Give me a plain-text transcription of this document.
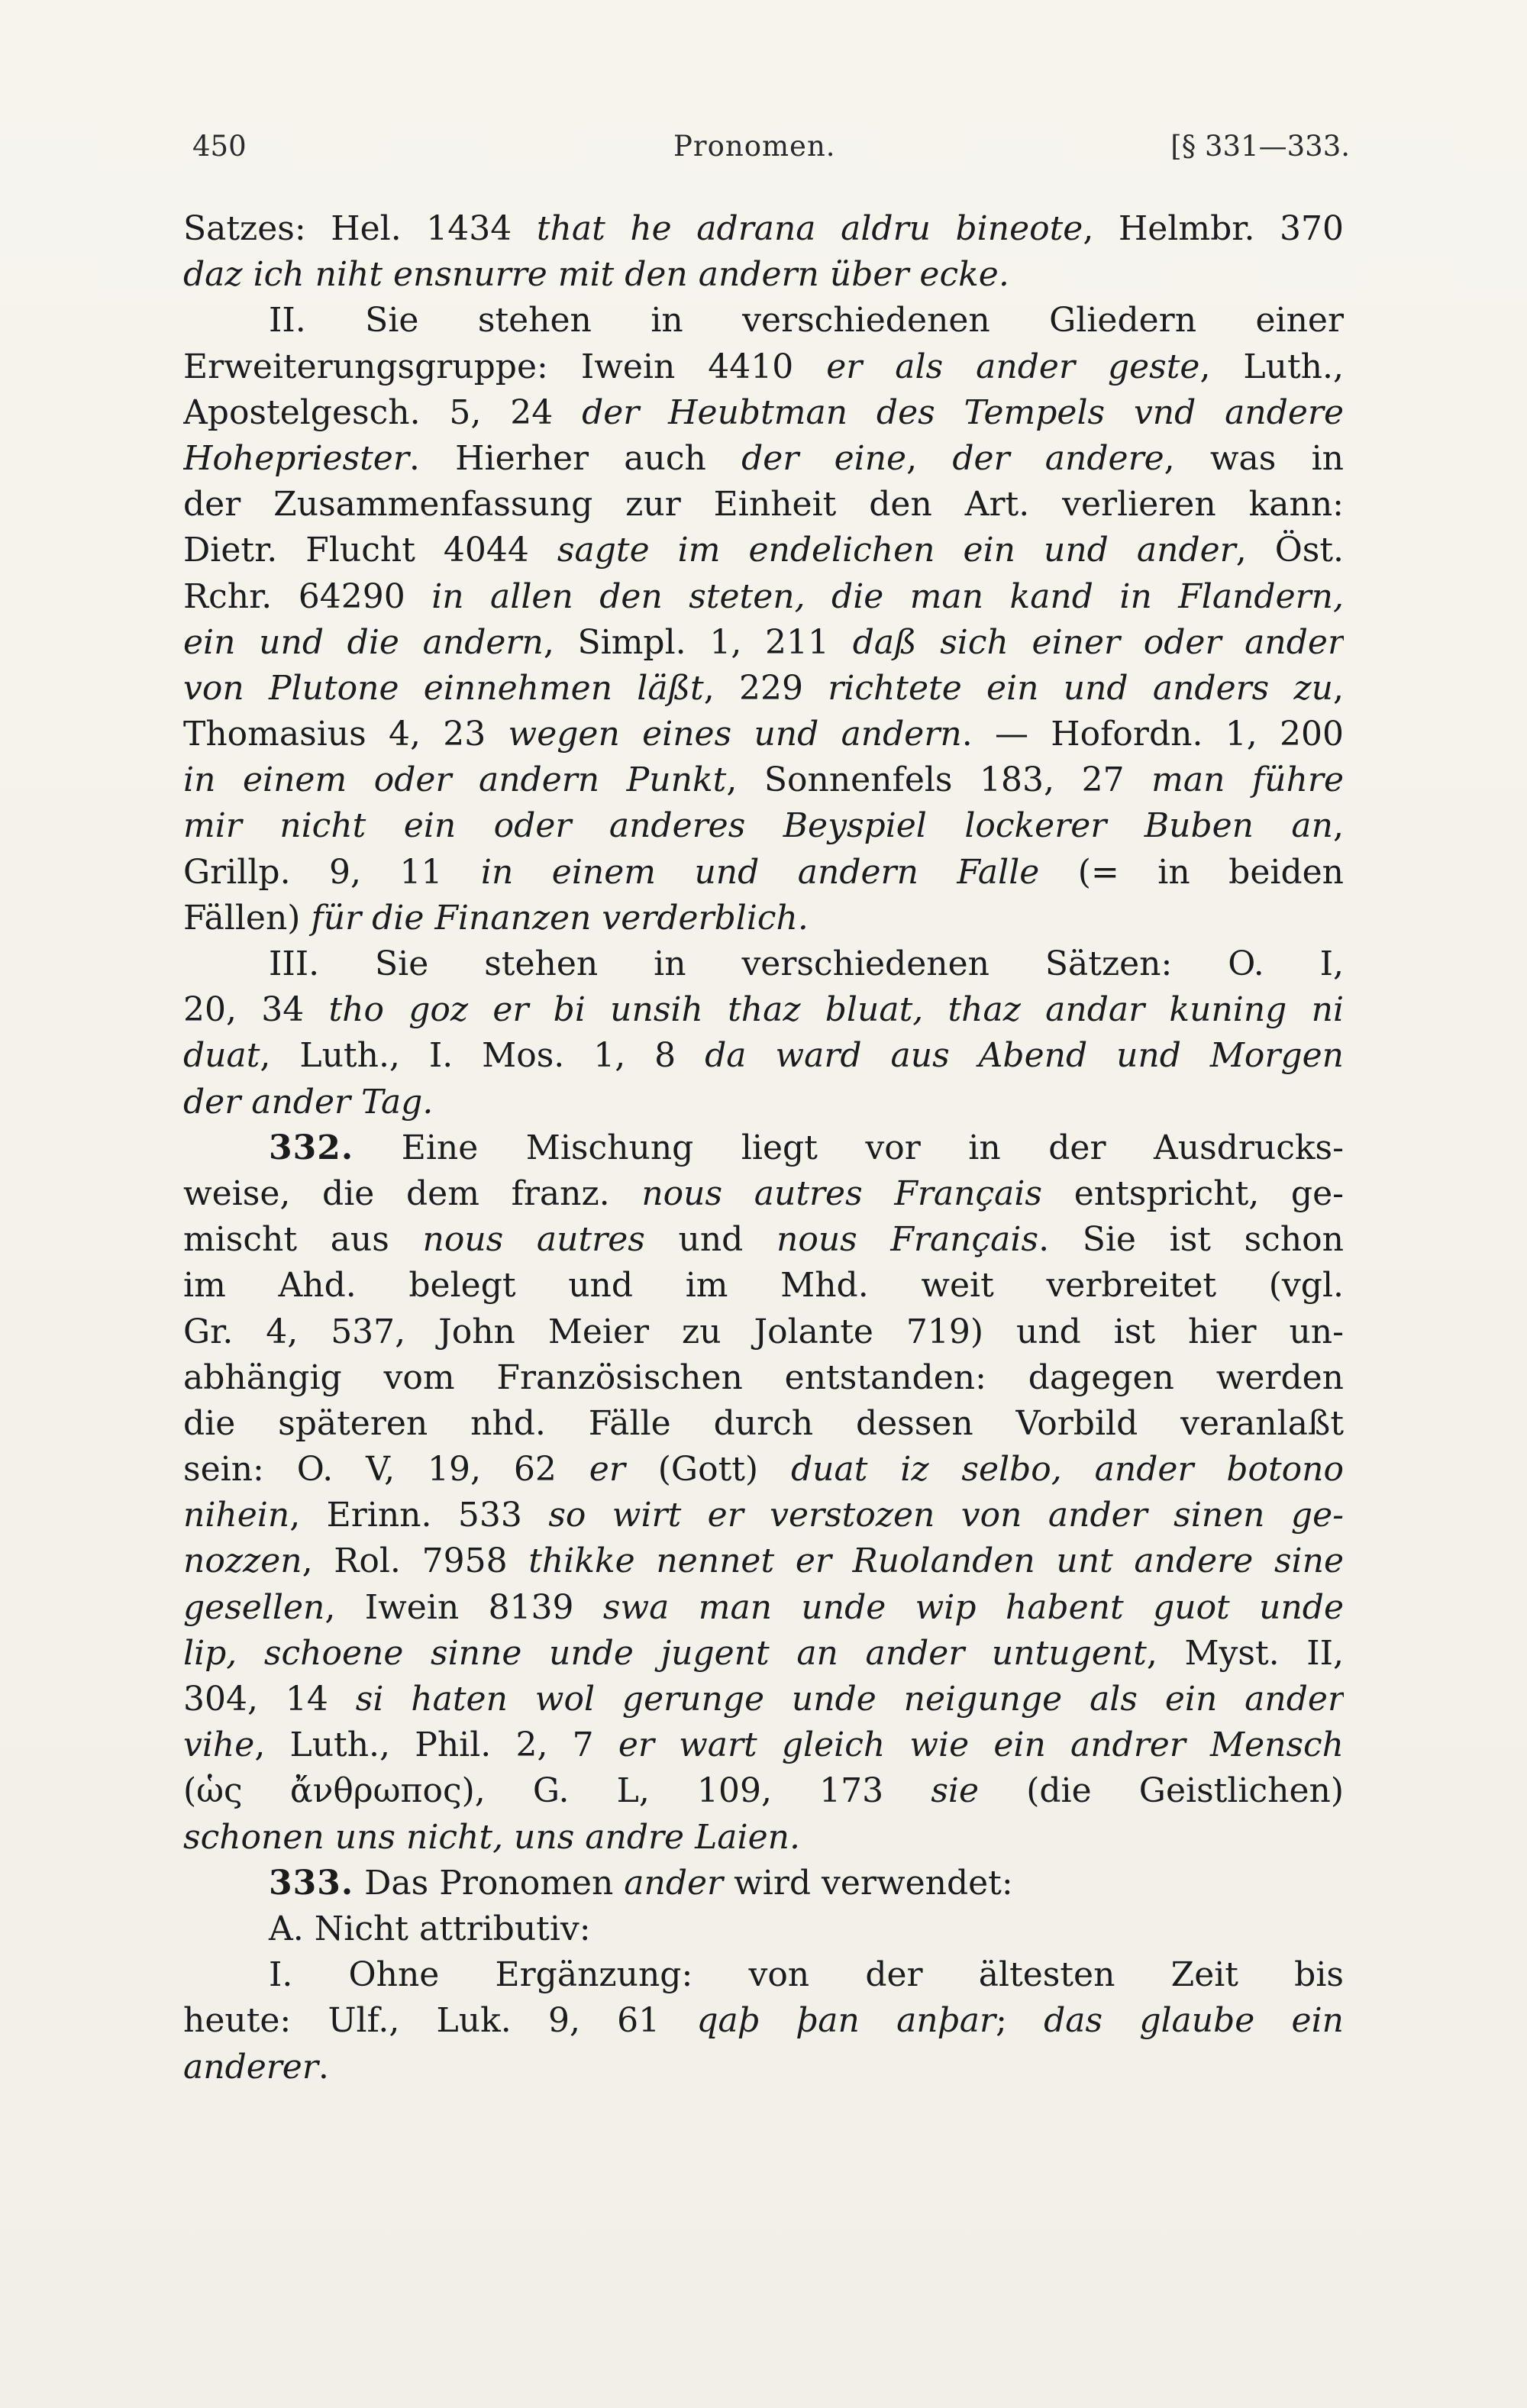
450	Pronomen.	[§ 331—333.
Satzes: Hel. 1434 that he adrana aldru bineote, Helmbr. 370
daz ich niht ensnurre mit den andern über ecke.
II. Sie stehen in verschiedenen Gliedern einer
Erweiterungsgruppe: Iwein 4410 er als ander geste, Luth.,
Apostelgesch. 5, 24 der Heubtman des Tempels vnd andere
Hohepriester. Hierher auch der eine, der andere, was in
der Zusammenfassung zur Einheit den Art. verlieren kann:
Dietr. Flucht 4044 sagte im endelichen ein und ander, Öst.
Rchr. 64290 in allen den steten, die man kand in Flandern,
ein und die andern, Simpl. 1, 211 daß sich einer oder ander
von Plutone einnehmen läßt, 229 richtete ein und anders zu,
Thomasius 4, 23 wegen eines und andern. — Hofordn. 1, 200
in einem oder andern Punkt, Sonnenfels 183, 27 man führe
mir nicht ein oder anderes Beyspiel lockerer Buben an,
Grillp. 9, 11 in einem und andern Falle (= in beiden
Fällen) für die Finanzen verderblich.
III. Sie stehen in verschiedenen Sätzen: O. I,
20, 34 tho goz er bi unsih thaz bluat, thaz andar kuning ni
duat, Luth., I. Mos. 1, 8 da ward aus Abend und Morgen
der ander Tag.
332. Eine Mischung liegt vor in der Ausdrucks-
weise, die dem franz. nous autres Français entspricht, ge-
mischt aus nous autres und nous Français. Sie ist schon
im Ahd. belegt und im Mhd. weit verbreitet (vgl.
Gr. 4, 537, John Meier zu Jolante 719) und ist hier un-
abhängig vom Französischen entstanden: dagegen werden
die späteren nhd. Fälle durch dessen Vorbild veranlaßt
sein: O. V, 19, 62 er (Gott) duat iz selbo, ander botono
nihein, Erinn. 533 so wirt er verstozen von ander sinen ge-
nozzen, Rol. 7958 thikke nennet er Ruolanden unt andere sine
gesellen, Iwein 8139 swa man unde wip habent guot unde
lip, schoene sinne unde jugent an ander untugent, Myst. II,
304, 14 si haten wol gerunge unde neigunge als ein ander
vihe, Luth., Phil. 2, 7 er wart gleich wie ein andrer Mensch
(ὡς ἄνθρωπος), G. L, 109, 173 sie (die Geistlichen)
schonen uns nicht, uns andre Laien.
333. Das Pronomen ander wird verwendet:
A. Nicht attributiv:
I. Ohne Ergänzung: von der ältesten Zeit bis
heute: Ulf., Luk. 9, 61 qaþ þan anþar; das glaube ein
anderer.
